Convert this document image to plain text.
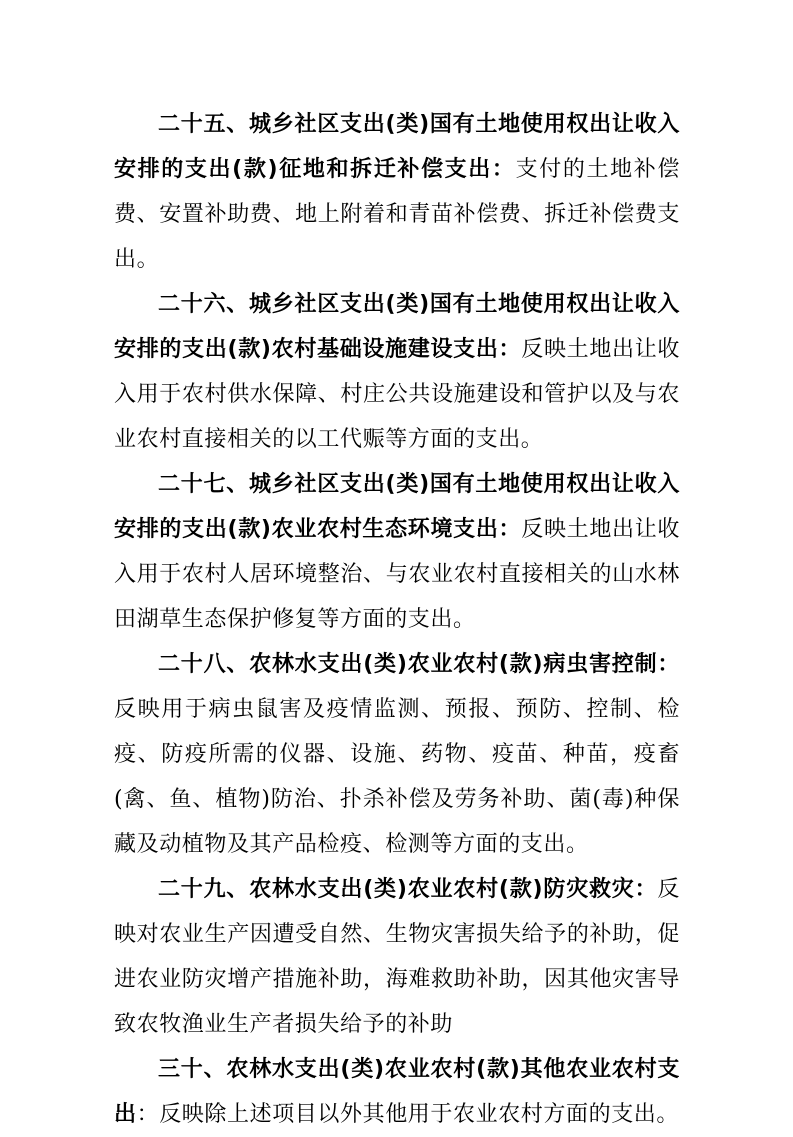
二十五、城乡社区支出(类)国有土地使用权出让收入安排的支出(款)征地和拆迁补偿支出：支付的土地补偿费、安置补助费、地上附着和青苗补偿费、拆迁补偿费支出。

二十六、城乡社区支出(类)国有土地使用权出让收入安排的支出(款)农村基础设施建设支出：反映土地出让收入用于农村供水保障、村庄公共设施建设和管护以及与农业农村直接相关的以工代赈等方面的支出。

二十七、城乡社区支出(类)国有土地使用权出让收入安排的支出(款)农业农村生态环境支出：反映土地出让收入用于农村人居环境整治、与农业农村直接相关的山水林田湖草生态保护修复等方面的支出。

二十八、农林水支出(类)农业农村(款)病虫害控制：反映用于病虫鼠害及疫情监测、预报、预防、控制、检疫、防疫所需的仪器、设施、药物、疫苗、种苗，疫畜(禽、鱼、植物)防治、扑杀补偿及劳务补助、菌(毒)种保藏及动植物及其产品检疫、检测等方面的支出。

二十九、农林水支出(类)农业农村(款)防灾救灾：反映对农业生产因遭受自然、生物灾害损失给予的补助，促进农业防灾增产措施补助，海难救助补助，因其他灾害导致农牧渔业生产者损失给予的补助

三十、农林水支出(类)农业农村(款)其他农业农村支出：反映除上述项目以外其他用于农业农村方面的支出。
